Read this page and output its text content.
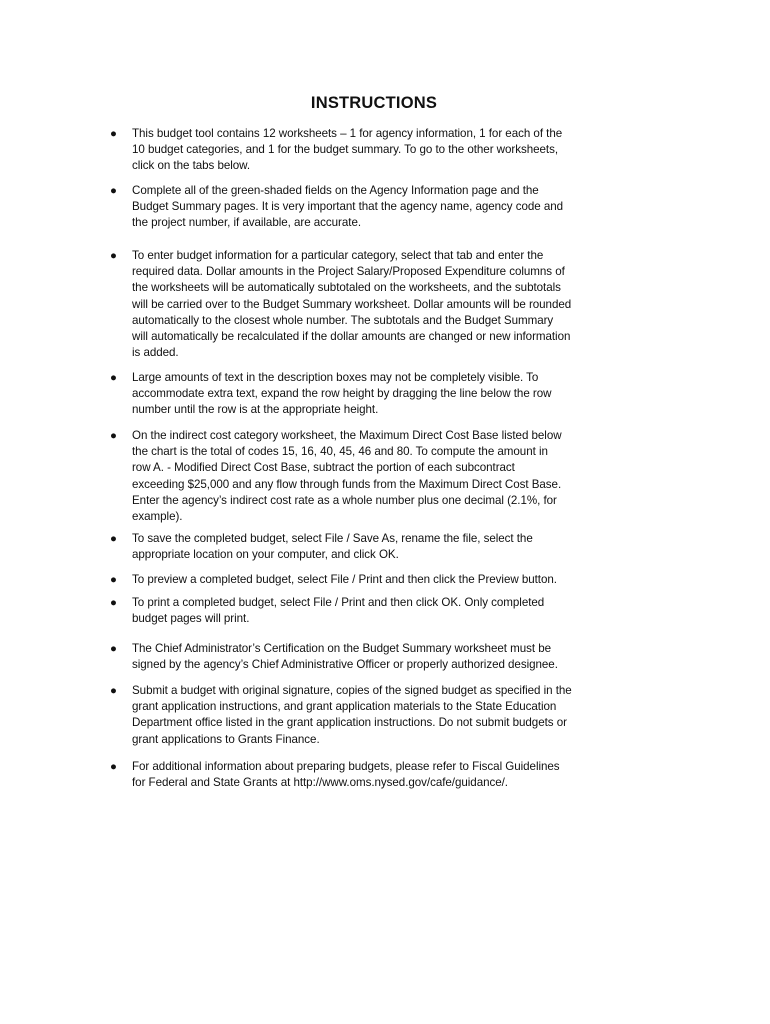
INSTRUCTIONS
● This budget tool contains 12 worksheets – 1 for agency information, 1 for each of the
10 budget categories, and 1 for the budget summary. To go to the other worksheets,
click on the tabs below.
● Complete all of the green-shaded fields on the Agency Information page and the
Budget Summary pages. It is very important that the agency name, agency code and
the project number, if available, are accurate.
● To enter budget information for a particular category, select that tab and enter the
required data. Dollar amounts in the Project Salary/Proposed Expenditure columns of
the worksheets will be automatically subtotaled on the worksheets, and the subtotals
will be carried over to the Budget Summary worksheet. Dollar amounts will be rounded
automatically to the closest whole number. The subtotals and the Budget Summary
will automatically be recalculated if the dollar amounts are changed or new information
is added.
● Large amounts of text in the description boxes may not be completely visible. To
accommodate extra text, expand the row height by dragging the line below the row
number until the row is at the appropriate height.
● On the indirect cost category worksheet, the Maximum Direct Cost Base listed below
the chart is the total of codes 15, 16, 40, 45, 46 and 80. To compute the amount in
row A. - Modified Direct Cost Base, subtract the portion of each subcontract
exceeding $25,000 and any flow through funds from the Maximum Direct Cost Base.
Enter the agency’s indirect cost rate as a whole number plus one decimal (2.1%, for
example).
● To save the completed budget, select File / Save As, rename the file, select the
appropriate location on your computer, and click OK.
● To preview a completed budget, select File / Print and then click the Preview button.
● To print a completed budget, select File / Print and then click OK. Only completed
budget pages will print.
● The Chief Administrator’s Certification on the Budget Summary worksheet must be
signed by the agency’s Chief Administrative Officer or properly authorized designee.
● Submit a budget with original signature, copies of the signed budget as specified in the
grant application instructions, and grant application materials to the State Education
Department office listed in the grant application instructions. Do not submit budgets or
grant applications to Grants Finance.
● For additional information about preparing budgets, please refer to Fiscal Guidelines
for Federal and State Grants at http://www.oms.nysed.gov/cafe/guidance/.
